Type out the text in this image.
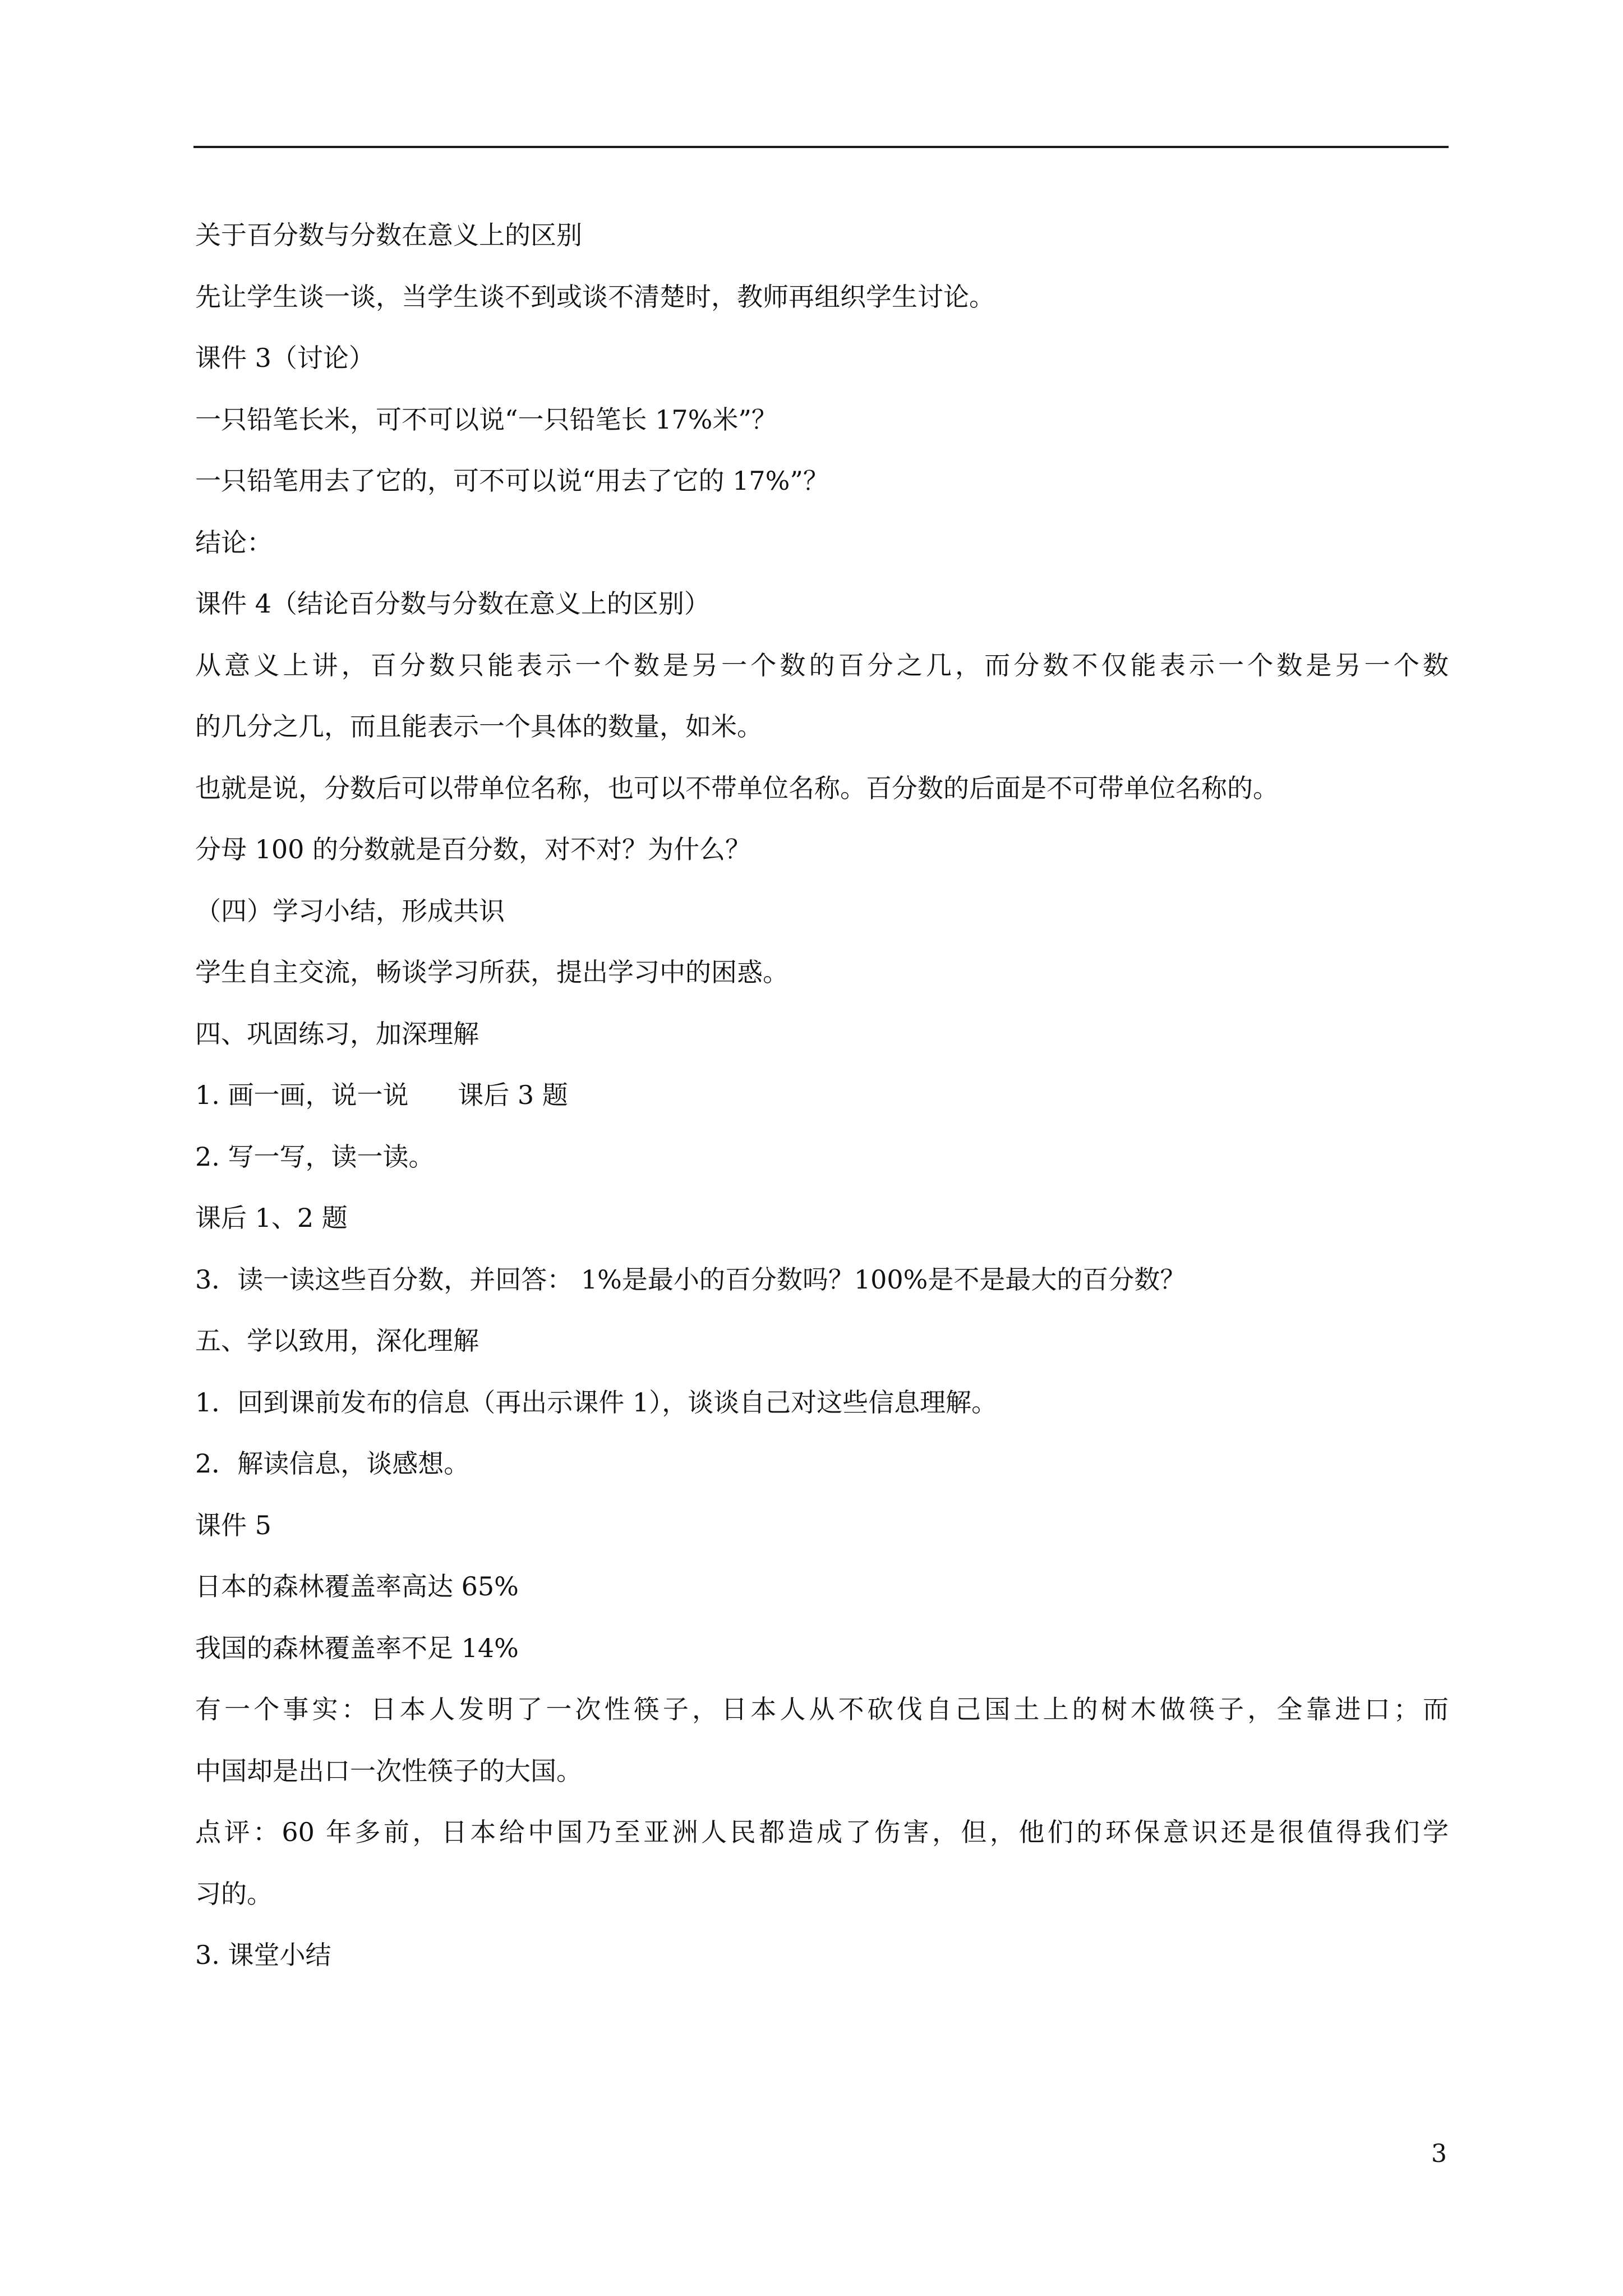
关于百分数与分数在意义上的区别
先让学生谈一谈，当学生谈不到或谈不清楚时，教师再组织学生讨论。
课件 3（讨论）
一只铅笔长米，可不可以说“一只铅笔长 17%米”？
一只铅笔用去了它的，可不可以说“用去了它的 17%”？
结论：
课件 4（结论百分数与分数在意义上的区别）
从意义上讲，百分数只能表示一个数是另一个数的百分之几，而分数不仅能表示一个数是另一个数
的几分之几，而且能表示一个具体的数量，如米。
也就是说，分数后可以带单位名称，也可以不带单位名称。百分数的后面是不可带单位名称的。
分母 100 的分数就是百分数，对不对？为什么？
（四）学习小结，形成共识
学生自主交流，畅谈学习所获，提出学习中的困惑。
四、巩固练习，加深理解
1. 画一画，说一说      课后 3 题
2. 写一写，读一读。
课后 1、2 题
3．读一读这些百分数，并回答： 1%是最小的百分数吗？100%是不是最大的百分数？
五、学以致用，深化理解
1．回到课前发布的信息（再出示课件 1），谈谈自己对这些信息理解。
2．解读信息，谈感想。
课件 5
日本的森林覆盖率高达 65%
我国的森林覆盖率不足 14%
有一个事实：日本人发明了一次性筷子，日本人从不砍伐自己国土上的树木做筷子，全靠进口；而
中国却是出口一次性筷子的大国。
点评：60 年多前，日本给中国乃至亚洲人民都造成了伤害，但，他们的环保意识还是很值得我们学
习的。
3. 课堂小结
3
